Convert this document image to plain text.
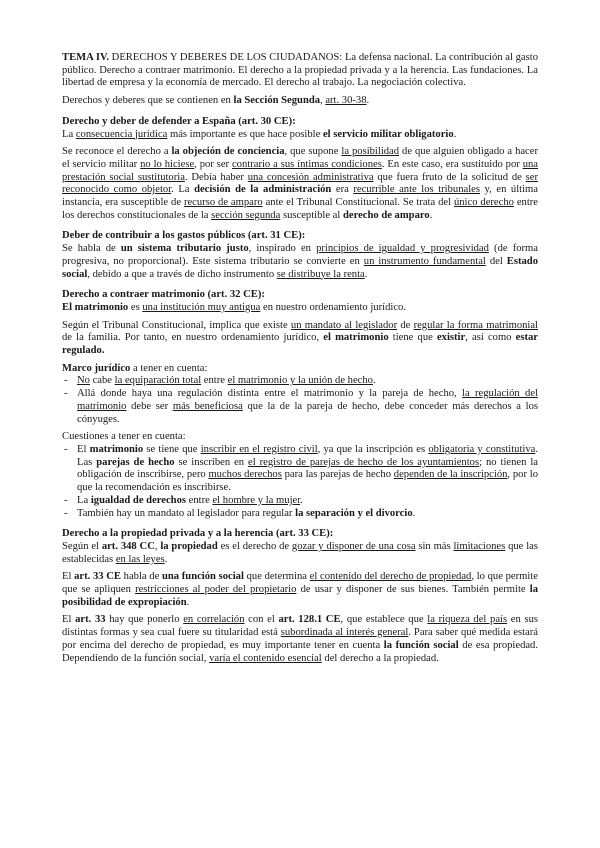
TEMA IV. DERECHOS Y DEBERES DE LOS CIUDADANOS: La defensa nacional. La contribución al gasto público. Derecho a contraer matrimonio. El derecho a la propiedad privada y a la herencia. Las fundaciones. La libertad de empresa y la economía de mercado. El derecho al trabajo. La negociación colectiva.

Derechos y deberes que se contienen en la Sección Segunda, art. 30-38.

Derecho y deber de defender a España (art. 30 CE):

La consecuencia jurídica más importante es que hace posible el servicio militar obligatorio.

Se reconoce el derecho a la objeción de conciencia, que supone la posibilidad de que alguien obligado a hacer el servicio militar no lo hiciese, por ser contrario a sus íntimas condiciones. En este caso, era sustituido por una prestación social sustitutoria. Debía haber una concesión administrativa que fuera fruto de la solicitud de ser reconocido como objetor. La decisión de la administración era recurrible ante los tribunales y, en última instancia, era susceptible de recurso de amparo ante el Tribunal Constitucional. Se trata del único derecho entre los derechos constitucionales de la sección segunda susceptible al derecho de amparo.

Deber de contribuir a los gastos públicos (art. 31 CE):

Se habla de un sistema tributario justo, inspirado en principios de igualdad y progresividad (de forma progresiva, no proporcional). Este sistema tributario se convierte en un instrumento fundamental del Estado social, debido a que a través de dicho instrumento se distribuye la renta.

Derecho a contraer matrimonio (art. 32 CE):

El matrimonio es una institución muy antigua en nuestro ordenamiento jurídico.

Según el Tribunal Constitucional, implica que existe un mandato al legislador de regular la forma matrimonial de la familia. Por tanto, en nuestro ordenamiento jurídico, el matrimonio tiene que existir, así como estar regulado.

Marco jurídico a tener en cuenta:

- No cabe la equiparación total entre el matrimonio y la unión de hecho.
- Allá donde haya una regulación distinta entre el matrimonio y la pareja de hecho, la regulación del matrimonio debe ser más beneficiosa que la de la pareja de hecho, debe conceder más derechos a los cónyuges.

Cuestiones a tener en cuenta:

- El matrimonio se tiene que inscribir en el registro civil, ya que la inscripción es obligatoria y constitutiva. Las parejas de hecho se inscriben en el registro de parejas de hecho de los ayuntamientos; no tienen la obligación de inscribirse, pero muchos derechos para las parejas de hecho dependen de la inscripción, por lo que la recomendación es inscribirse.
- La igualdad de derechos entre el hombre y la mujer.
- También hay un mandato al legislador para regular la separación y el divorcio.
Derecho a la propiedad privada y a la herencia (art. 33 CE):

Según el art. 348 CC, la propiedad es el derecho de gozar y disponer de una cosa sin más limitaciones que las establecidas en las leyes.

El art. 33 CE habla de una función social que determina el contenido del derecho de propiedad, lo que permite que se apliquen restricciones al poder del propietario de usar y disponer de sus bienes. También permite la posibilidad de expropiación.

El art. 33 hay que ponerlo en correlación con el art. 128.1 CE, que establece que la riqueza del país en sus distintas formas y sea cual fuere su titularidad está subordinada al interés general. Para saber qué medida estará por encima del derecho de propiedad, es muy importante tener en cuenta la función social de esa propiedad. Dependiendo de la función social, varía el contenido esencial del derecho a la propiedad.
